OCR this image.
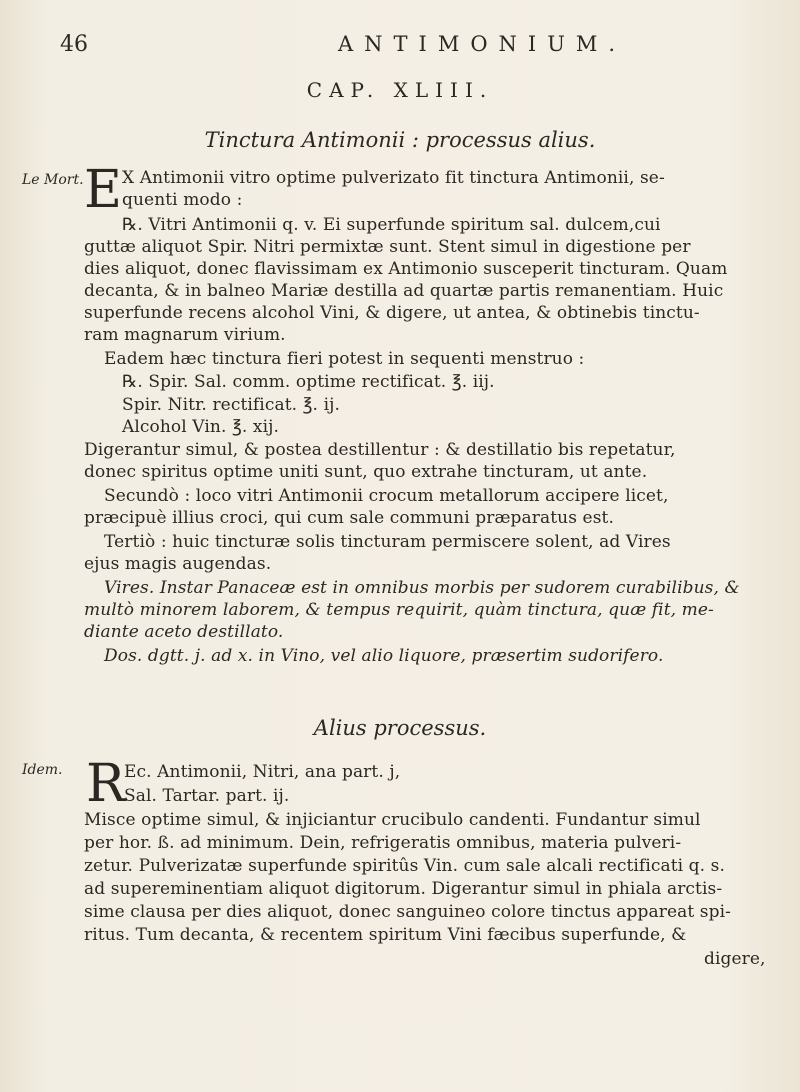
46	ANTIMONIUM.
CAP. XLIII.
Tinctura Antimonii : processus alius.
Le Mort.
Idem.
E X Antimonii vitro optime pulverizato fit tinctura Antimonii, se-
quenti modo :
℞. Vitri Antimonii q. v. Ei superfunde spiritum sal. dulcem,cui
guttæ aliquot Spir. Nitri permixtæ sunt. Stent simul in digestione per
dies aliquot, donec flavissimam ex Antimonio susceperit tincturam. Quam
decanta, & in balneo Mariæ destilla ad quartæ partis remanentiam. Huic
superfunde recens alcohol Vini, & digere, ut antea, & obtinebis tinctu-
ram magnarum virium.
Eadem hæc tinctura fieri potest in sequenti menstruo :
℞. Spir. Sal. comm. optime rectificat. ℥. iij.
Spir. Nitr. rectificat. ℥. ij.
Alcohol Vin. ℥. xij.
Digerantur simul, & postea destillentur : & destillatio bis repetatur,
donec spiritus optime uniti sunt, quo extrahe tincturam, ut ante.
Secundò : loco vitri Antimonii crocum metallorum accipere licet,
præcipuè illius croci, qui cum sale communi præparatus est.
Tertiò : huic tincturæ solis tincturam permiscere solent, ad Vires
ejus magis augendas.
Vires. Instar Panaceæ est in omnibus morbis per sudorem curabilibus, &
multò minorem laborem, & tempus requirit, quàm tinctura, quæ fit, me-
diante aceto destillato.
Dos. dgtt. j. ad x. in Vino, vel alio liquore, præsertim sudorifero.
Alius processus.
R
Ec. Antimonii, Nitri, ana part. j,
Sal. Tartar. part. ij.
Misce optime simul, & injiciantur crucibulo candenti. Fundantur simul
per hor. ß. ad minimum. Dein, refrigeratis omnibus, materia pulveri-
zetur. Pulverizatæ superfunde spiritûs Vin. cum sale alcali rectificati q. s.
ad supereminentiam aliquot digitorum. Digerantur simul in phiala arctis-
sime clausa per dies aliquot, donec sanguineo colore tinctus appareat spi-
ritus. Tum decanta, & recentem spiritum Vini fæcibus superfunde, &
digere,
